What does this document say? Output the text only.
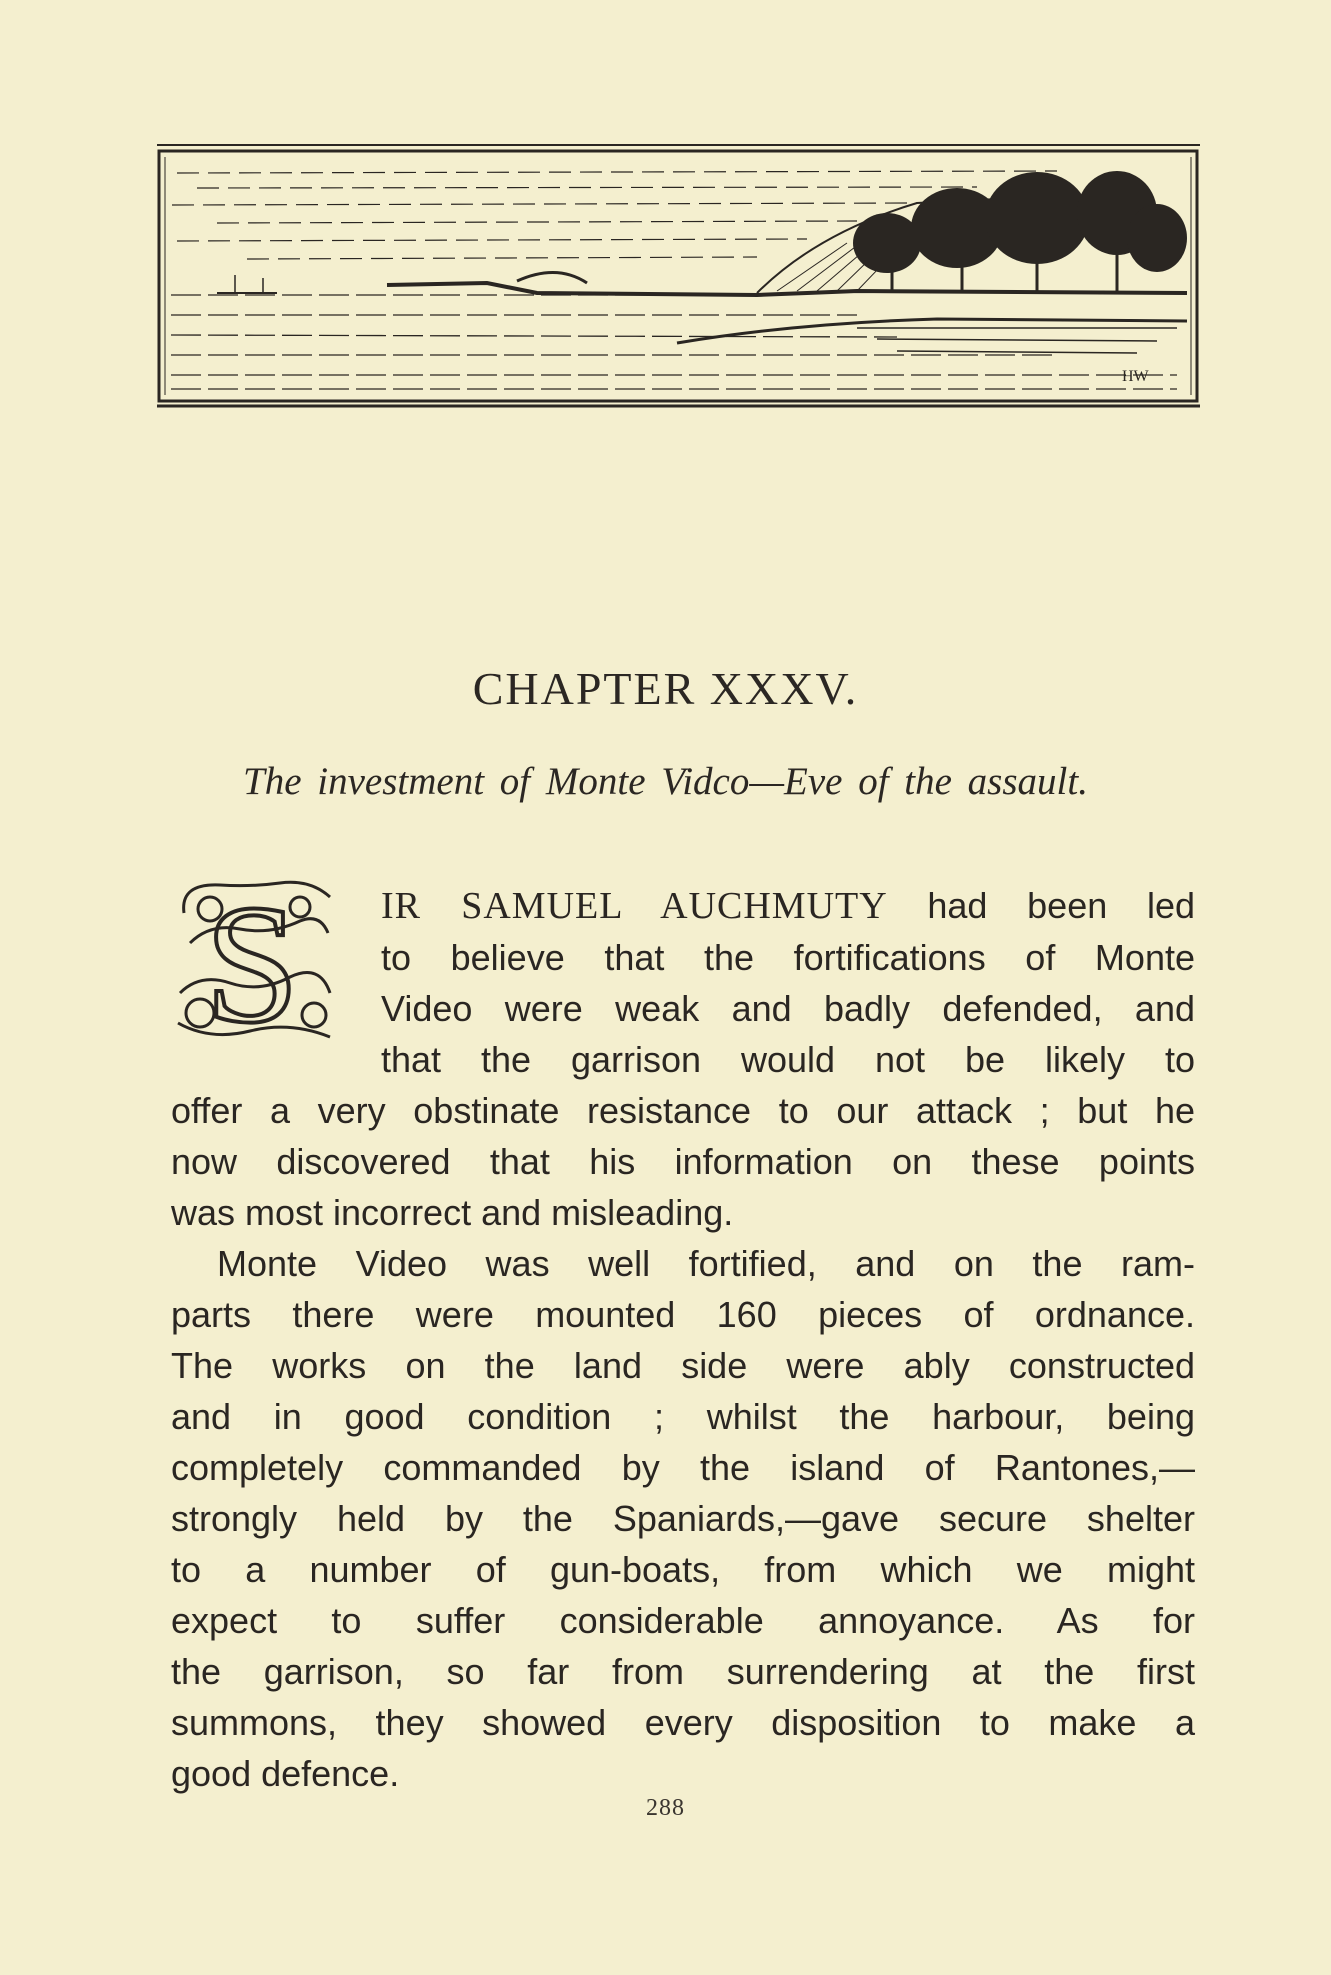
HW
CHAPTER XXXV.

The investment of Monte Vidco—Eve of the assault.

S	IR SAMUEL AUCHMUTY had been led
to believe that the fortifications of Monte
Video were weak and badly defended, and
that the garrison would not be likely to
offer a very obstinate resistance to our attack ; but he
now discovered that his information on these points
was most incorrect and misleading.

Monte Video was well fortified, and on the ram-
parts there were mounted 160 pieces of ordnance.
The works on the land side were ably constructed
and in good condition ; whilst the harbour, being
completely commanded by the island of Rantones,—
strongly held by the Spaniards,—gave secure shelter
to a number of gun-boats, from which we might
expect to suffer considerable annoyance. As for
the garrison, so far from surrendering at the first
summons, they showed every disposition to make a
good defence.

288
